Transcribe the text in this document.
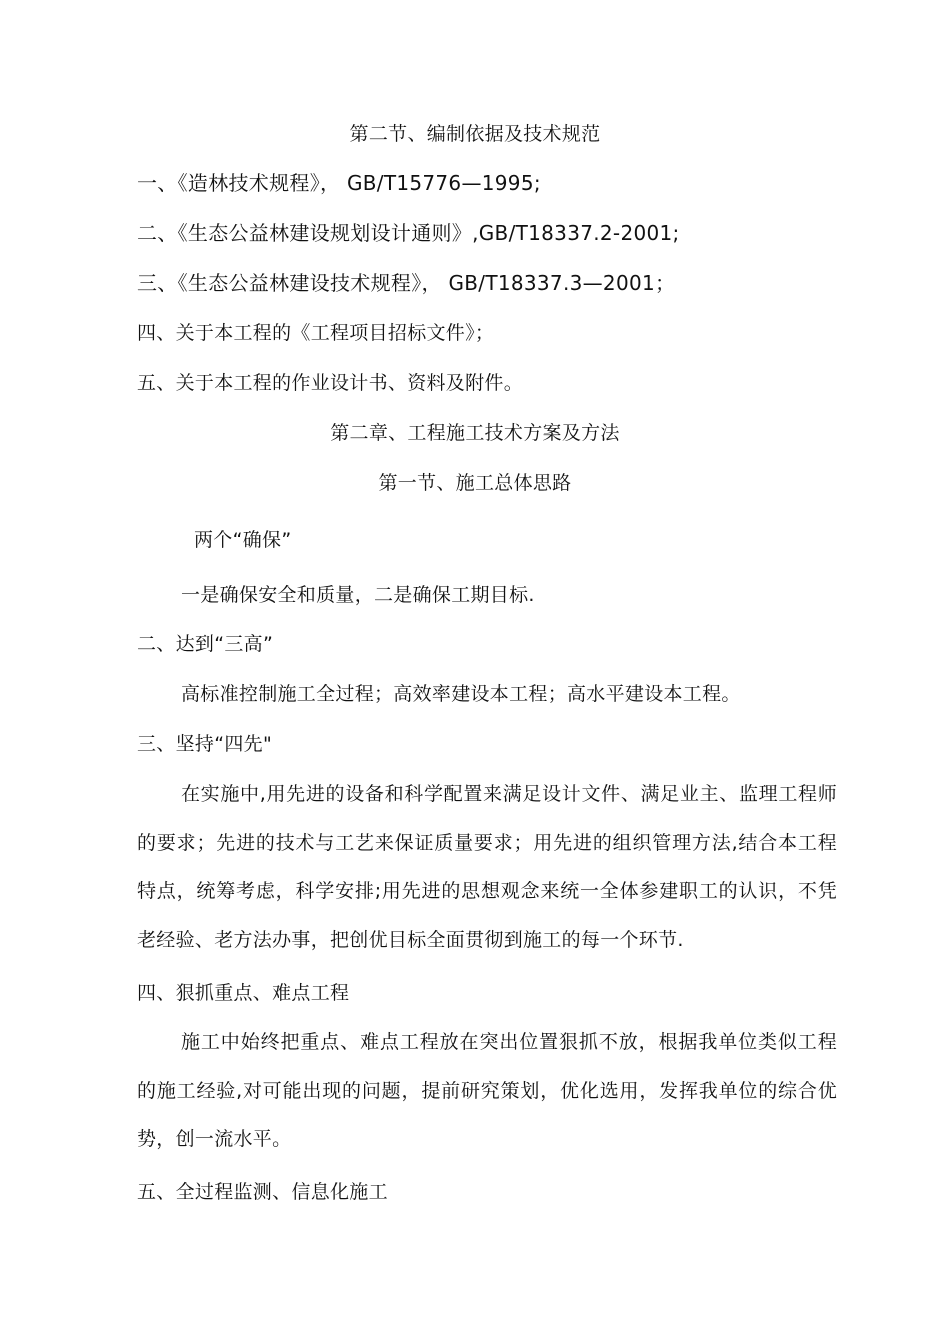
第二节、编制依据及技术规范
一、《造林技术规程》， GB/T15776—1995;
二、《生态公益林建设规划设计通则》,GB/T18337.2-2001;
三、《生态公益林建设技术规程》， GB/T18337.3—2001；
四、关于本工程的《工程项目招标文件》；
五、关于本工程的作业设计书、资料及附件。
第二章、工程施工技术方案及方法
第一节、施工总体思路
两个“确保”
一是确保安全和质量，二是确保工期目标.
二、达到“三高”
高标准控制施工全过程；高效率建设本工程；高水平建设本工程。
三、坚持“四先"

在实施中,用先进的设备和科学配置来满足设计文件、满足业主、监理工程师的要求；先进的技术与工艺来保证质量要求；用先进的组织管理方法,结合本工程特点，统筹考虑，科学安排;用先进的思想观念来统一全体参建职工的认识，不凭老经验、老方法办事，把创优目标全面贯彻到施工的每一个环节.

四、狠抓重点、难点工程

施工中始终把重点、难点工程放在突出位置狠抓不放，根据我单位类似工程的施工经验,对可能出现的问题，提前研究策划，优化选用，发挥我单位的综合优势，创一流水平。

五、全过程监测、信息化施工
